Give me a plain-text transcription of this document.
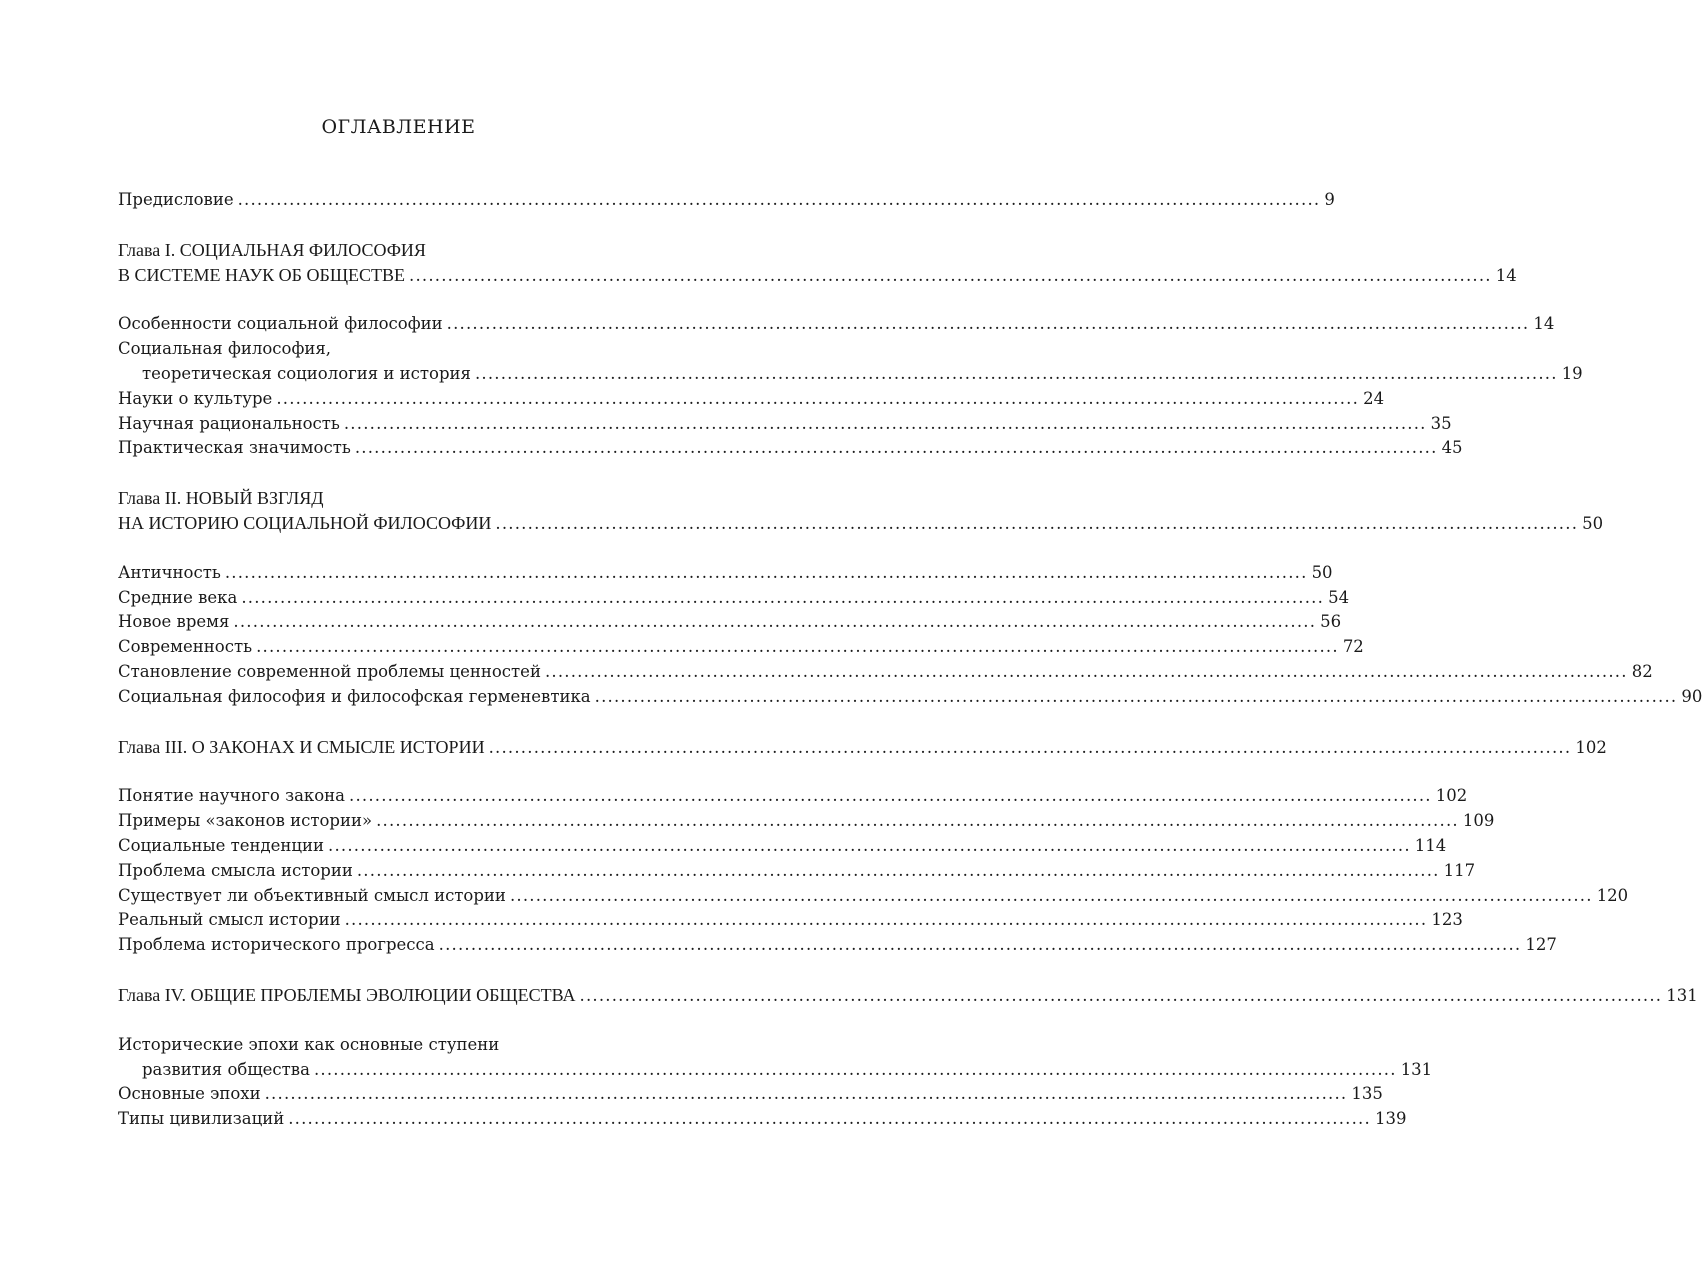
ОГЛАВЛЕНИЕ
Предисловие .....	9
Глава I. СОЦИАЛЬНАЯ ФИЛОСОФИЯ
В СИСТЕМЕ НАУК ОБ ОБЩЕСТВЕ .....	14
Особенности социальной философии .....	14
Социальная философия,
теоретическая социология и история .....	19
Науки о культуре .....	24
Научная рациональность .....	35
Практическая значимость .....	45
Глава II. НОВЫЙ ВЗГЛЯД
НА ИСТОРИЮ СОЦИАЛЬНОЙ ФИЛОСОФИИ .....	50
Античность .....	50
Средние века .....	54
Новое время .....	56
Современность .....	72
Становление современной проблемы ценностей .....	82
Социальная философия и философская герменевтика .....	90
Глава III. О ЗАКОНАХ И СМЫСЛЕ ИСТОРИИ .....	102
Понятие научного закона .....	102
Примеры «законов истории» .....	109
Социальные тенденции .....	114
Проблема смысла истории .....	117
Существует ли объективный смысл истории .....	120
Реальный смысл истории .....	123
Проблема исторического прогресса .....	127
Глава IV. ОБЩИЕ ПРОБЛЕМЫ ЭВОЛЮЦИИ ОБЩЕСТВА .....	131
Исторические эпохи как основные ступени
развития общества .....	131
Основные эпохи .....	135
Типы цивилизаций .....	139
